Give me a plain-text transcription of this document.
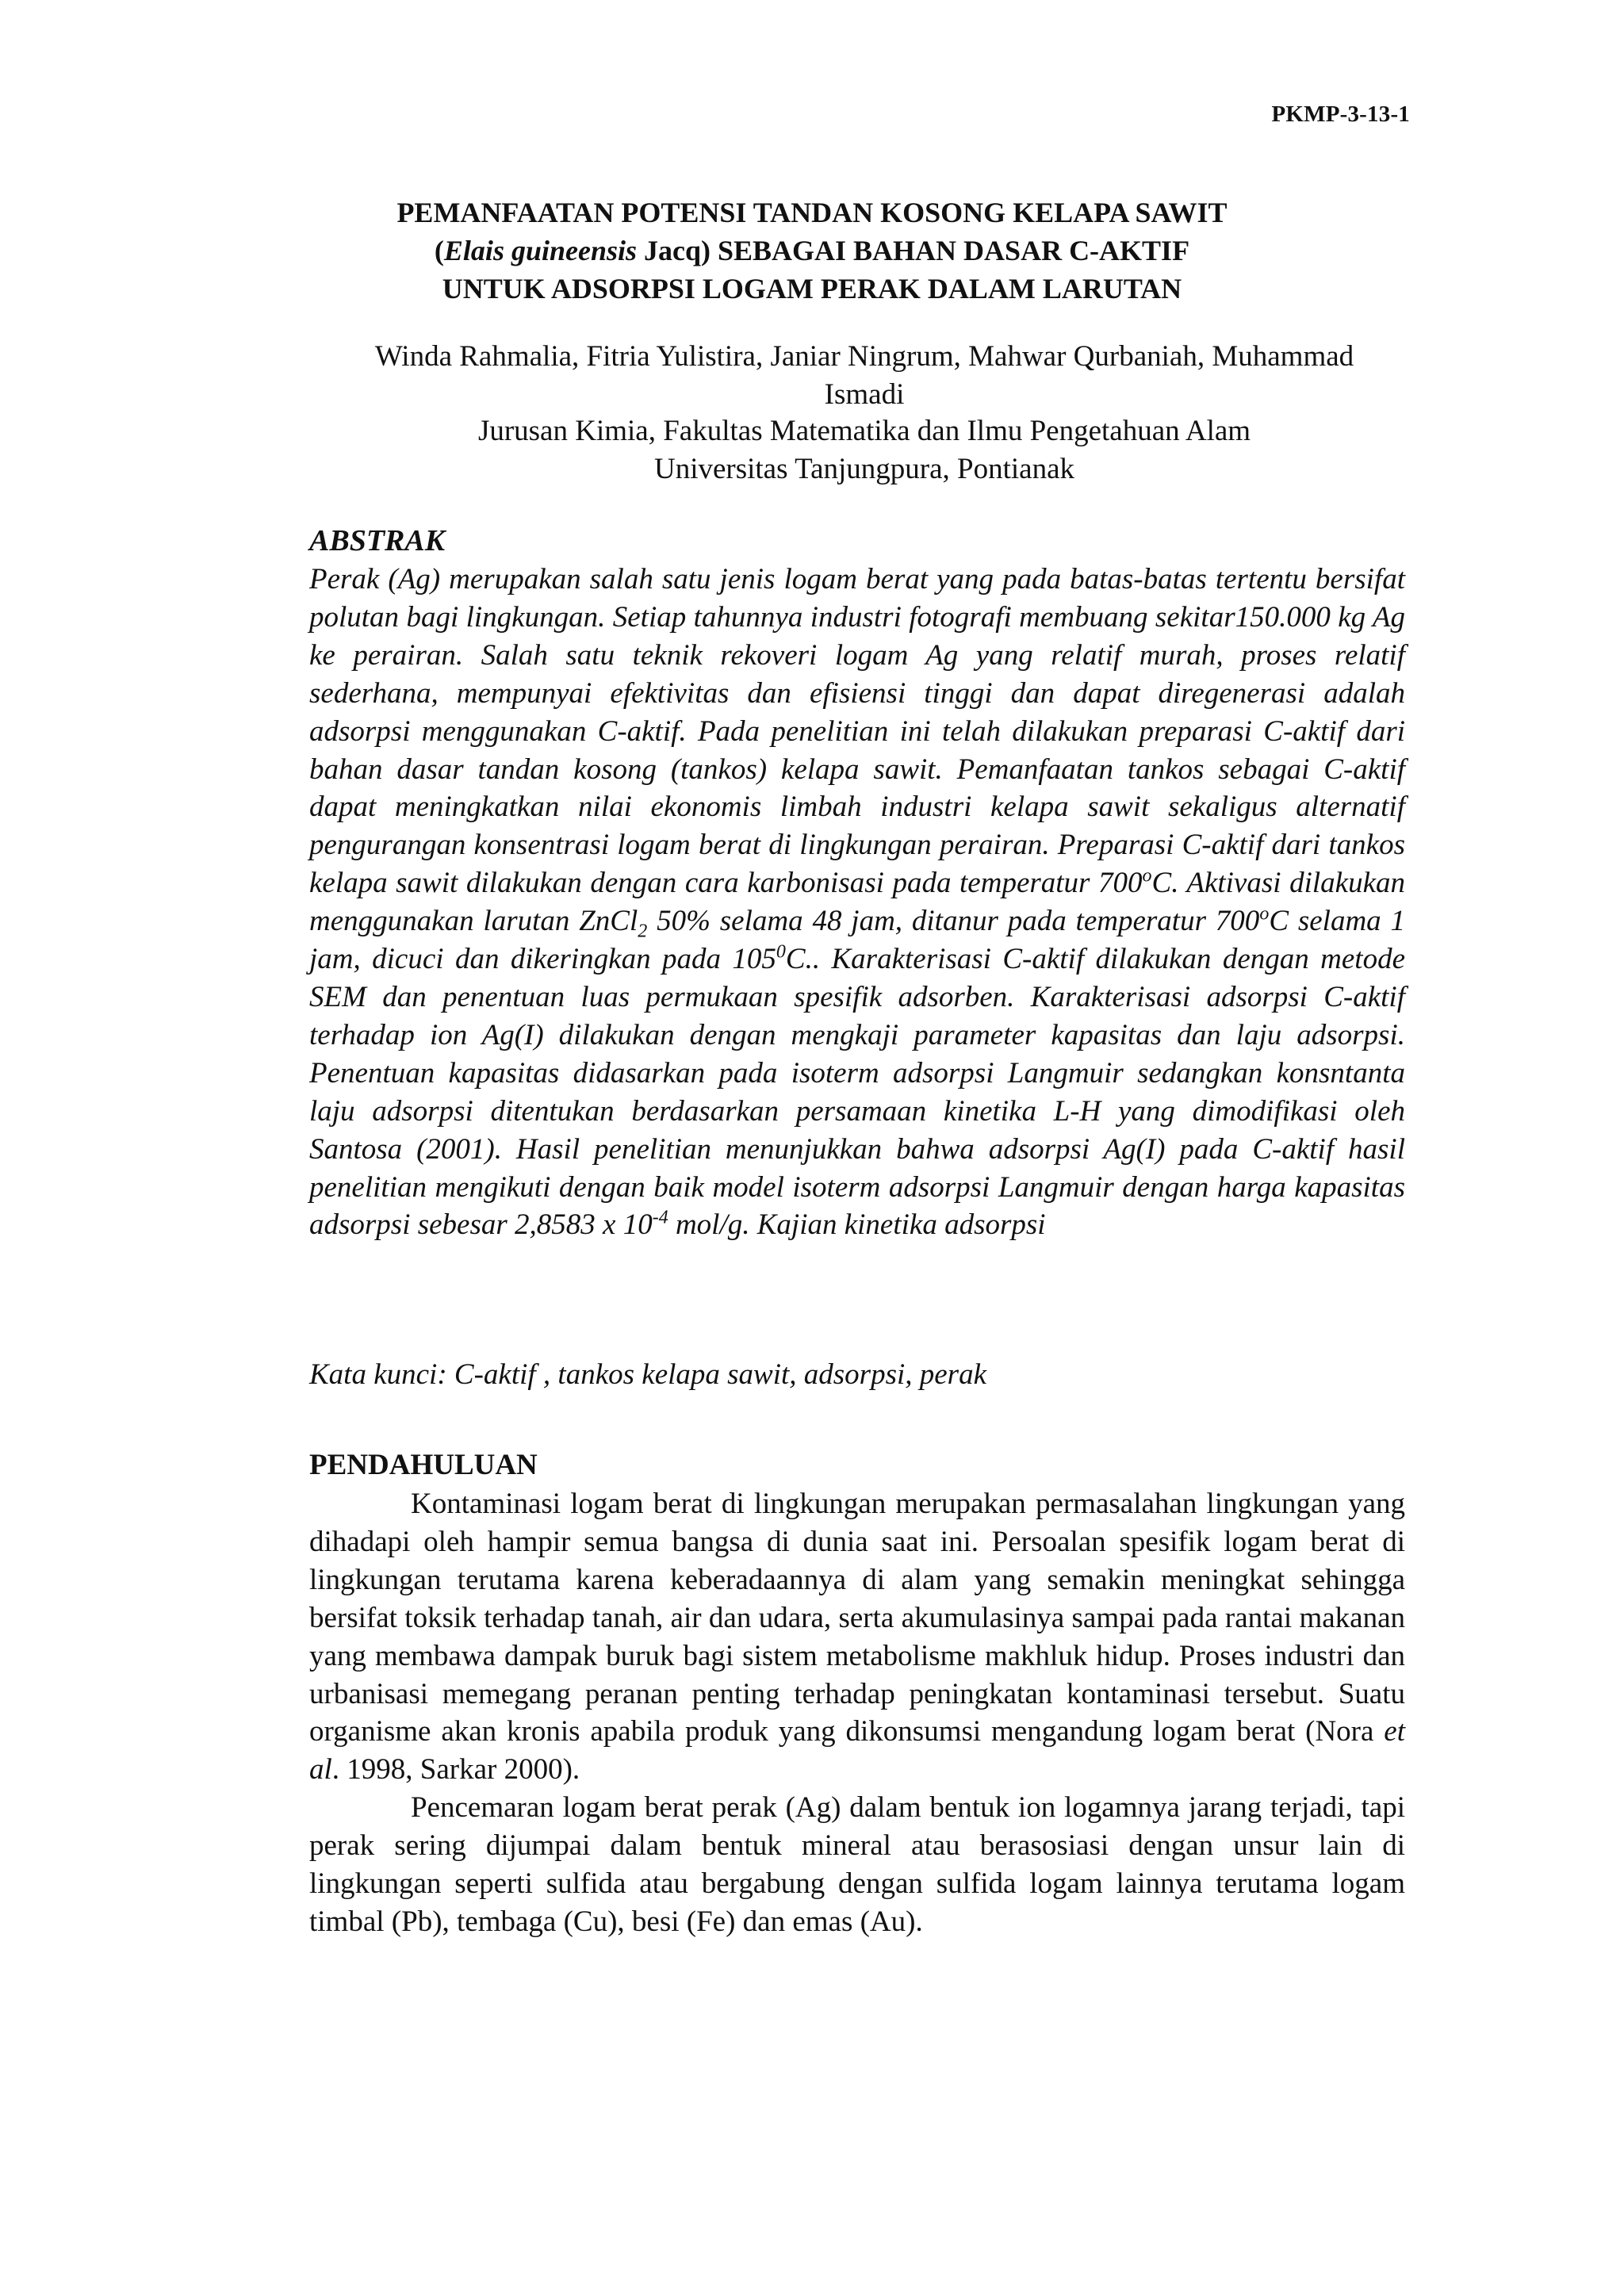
PKMP-3-13-1
PEMANFAATAN POTENSI TANDAN KOSONG KELAPA SAWIT
(Elais guineensis Jacq) SEBAGAI BAHAN DASAR C-AKTIF
UNTUK ADSORPSI LOGAM PERAK DALAM LARUTAN
Winda Rahmalia, Fitria Yulistira, Janiar Ningrum, Mahwar Qurbaniah, Muhammad
Ismadi
Jurusan Kimia, Fakultas Matematika dan Ilmu Pengetahuan Alam
Universitas Tanjungpura, Pontianak
ABSTRAK
Perak (Ag) merupakan salah satu jenis logam berat yang pada batas-batas tertentu bersifat polutan bagi lingkungan. Setiap tahunnya industri fotografi membuang sekitar150.000 kg Ag ke perairan. Salah satu teknik rekoveri logam Ag yang relatif murah, proses relatif sederhana, mempunyai efektivitas dan efisiensi tinggi dan dapat diregenerasi adalah adsorpsi menggunakan C-aktif. Pada penelitian ini telah dilakukan preparasi C-aktif dari bahan dasar tandan kosong (tankos) kelapa sawit. Pemanfaatan tankos sebagai C-aktif dapat meningkatkan nilai ekonomis limbah industri kelapa sawit sekaligus alternatif pengurangan konsentrasi logam berat di lingkungan perairan. Preparasi C-aktif dari tankos kelapa sawit dilakukan dengan cara karbonisasi pada temperatur 700$^o$C. Aktivasi dilakukan menggunakan larutan ZnCl$_2$ 50% selama 48 jam, ditanur pada temperatur 700$^o$C selama 1 jam, dicuci dan dikeringkan pada $105^0C$.. Karakterisasi C-aktif dilakukan dengan metode SEM dan penentuan luas permukaan spesifik adsorben. Karakterisasi adsorpsi C-aktif terhadap ion Ag(I) dilakukan dengan mengkaji parameter kapasitas dan laju adsorpsi. Penentuan kapasitas didasarkan pada isoterm adsorpsi Langmuir sedangkan konsntanta laju adsorpsi ditentukan berdasarkan persamaan kinetika L-H yang dimodifikasi oleh Santosa (2001). Hasil penelitian menunjukkan bahwa adsorpsi Ag(I) pada C-aktif hasil penelitian mengikuti dengan baik model isoterm adsorpsi Langmuir dengan harga kapasitas adsorpsi sebesar 2,8583 x $10^{-4}$ mol/g. Kajian kinetika adsorpsi
Kata kunci: C-aktif , tankos kelapa sawit, adsorpsi, perak
PENDAHULUAN

Kontaminasi logam berat di lingkungan merupakan permasalahan lingkungan yang dihadapi oleh hampir semua bangsa di dunia saat ini. Persoalan spesifik logam berat di lingkungan terutama karena keberadaannya di alam yang semakin meningkat sehingga bersifat toksik terhadap tanah, air dan udara, serta akumulasinya sampai pada rantai makanan yang membawa dampak buruk bagi sistem metabolisme makhluk hidup. Proses industri dan urbanisasi memegang peranan penting terhadap peningkatan kontaminasi tersebut. Suatu organisme akan kronis apabila produk yang dikonsumsi mengandung logam berat (Nora et al. 1998, Sarkar 2000).

Pencemaran logam berat perak (Ag) dalam bentuk ion logamnya jarang terjadi, tapi perak sering dijumpai dalam bentuk mineral atau berasosiasi dengan unsur lain di lingkungan seperti sulfida atau bergabung dengan sulfida logam lainnya terutama logam timbal (Pb), tembaga (Cu), besi (Fe) dan emas (Au).
